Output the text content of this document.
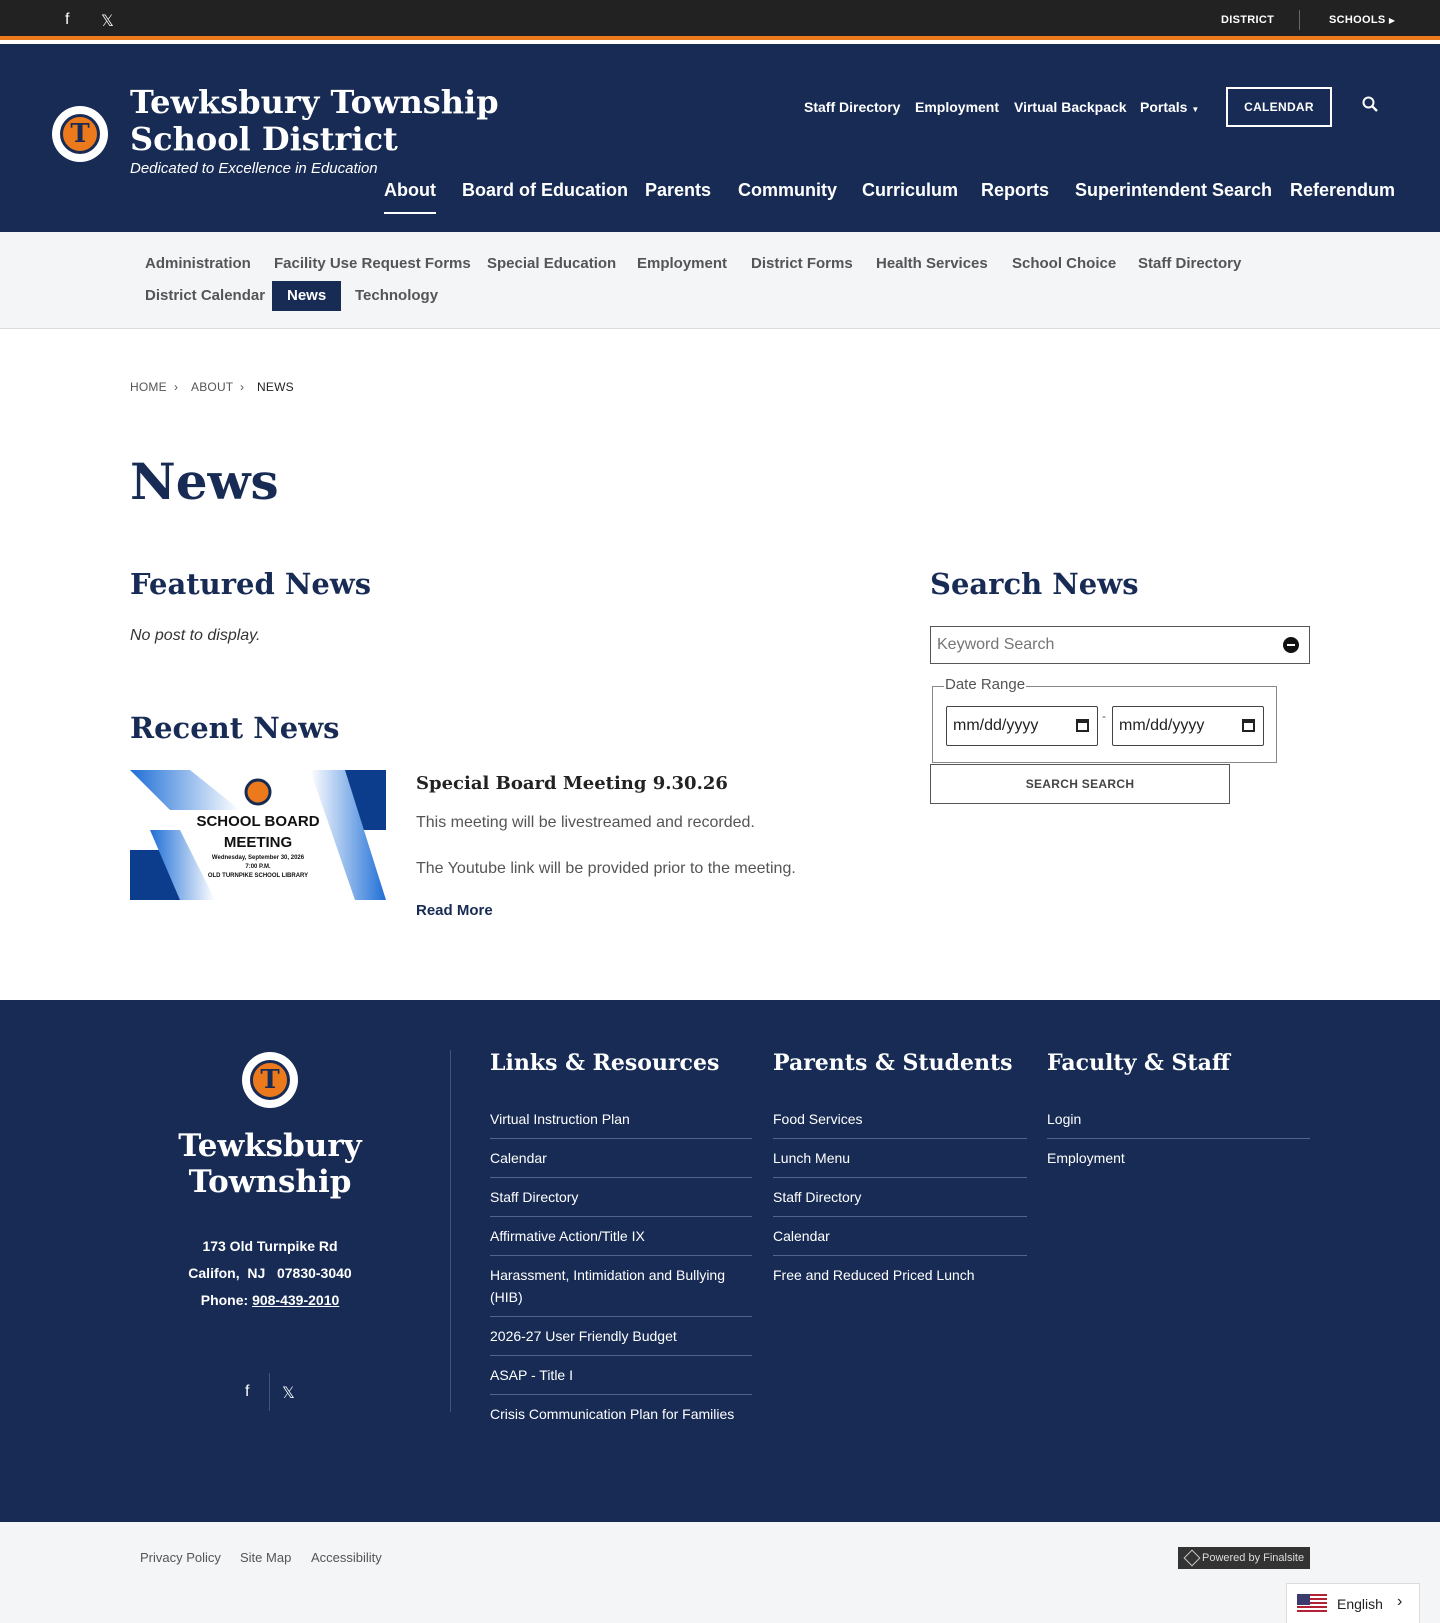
f 𝕏	DISTRICT	SCHOOLS ▶
T
Tewksbury Township
School District
Dedicated to Excellence in Education
Staff Directory Employment Virtual Backpack Portals ▼	CALENDAR
About Board of Education Parents Community Curriculum Reports Superintendent Search Referendum
Administration	Facility Use Request Forms	Special Education	Employment	District Forms	Health Services	School Choice	Staff Directory
District Calendar	News	Technology
HOME › ABOUT › NEWS
News
Featured News

No post to display.

Recent News
SCHOOL BOARD
MEETING
Wednesday, September 30, 2026
7:00 P.M.
OLD TURNPIKE SCHOOL LIBRARY
Special Board Meeting 9.30.26

This meeting will be livestreamed and recorded.

The Youtube link will be provided prior to the meeting.

Read More
Search News
Keyword Search
Date Range
mm/dd/yyyy
-
mm/dd/yyyy
SEARCH SEARCH
T
Tewksbury
Township
173 Old Turnpike Rd
Califon,  NJ   07830-3040
Phone: 908-439-2010
f 𝕏
Links & Resources
Virtual Instruction Plan
Calendar
Staff Directory
Affirmative Action/Title IX
Harassment, Intimidation and Bullying (HIB)
2026-27 User Friendly Budget
ASAP - Title I
Crisis Communication Plan for Families
Parents & Students
Food Services
Lunch Menu
Staff Directory
Calendar
Free and Reduced Priced Lunch
Faculty & Staff
Login
Employment
Privacy Policy Site Map Accessibility	Powered by Finalsite
English ›
